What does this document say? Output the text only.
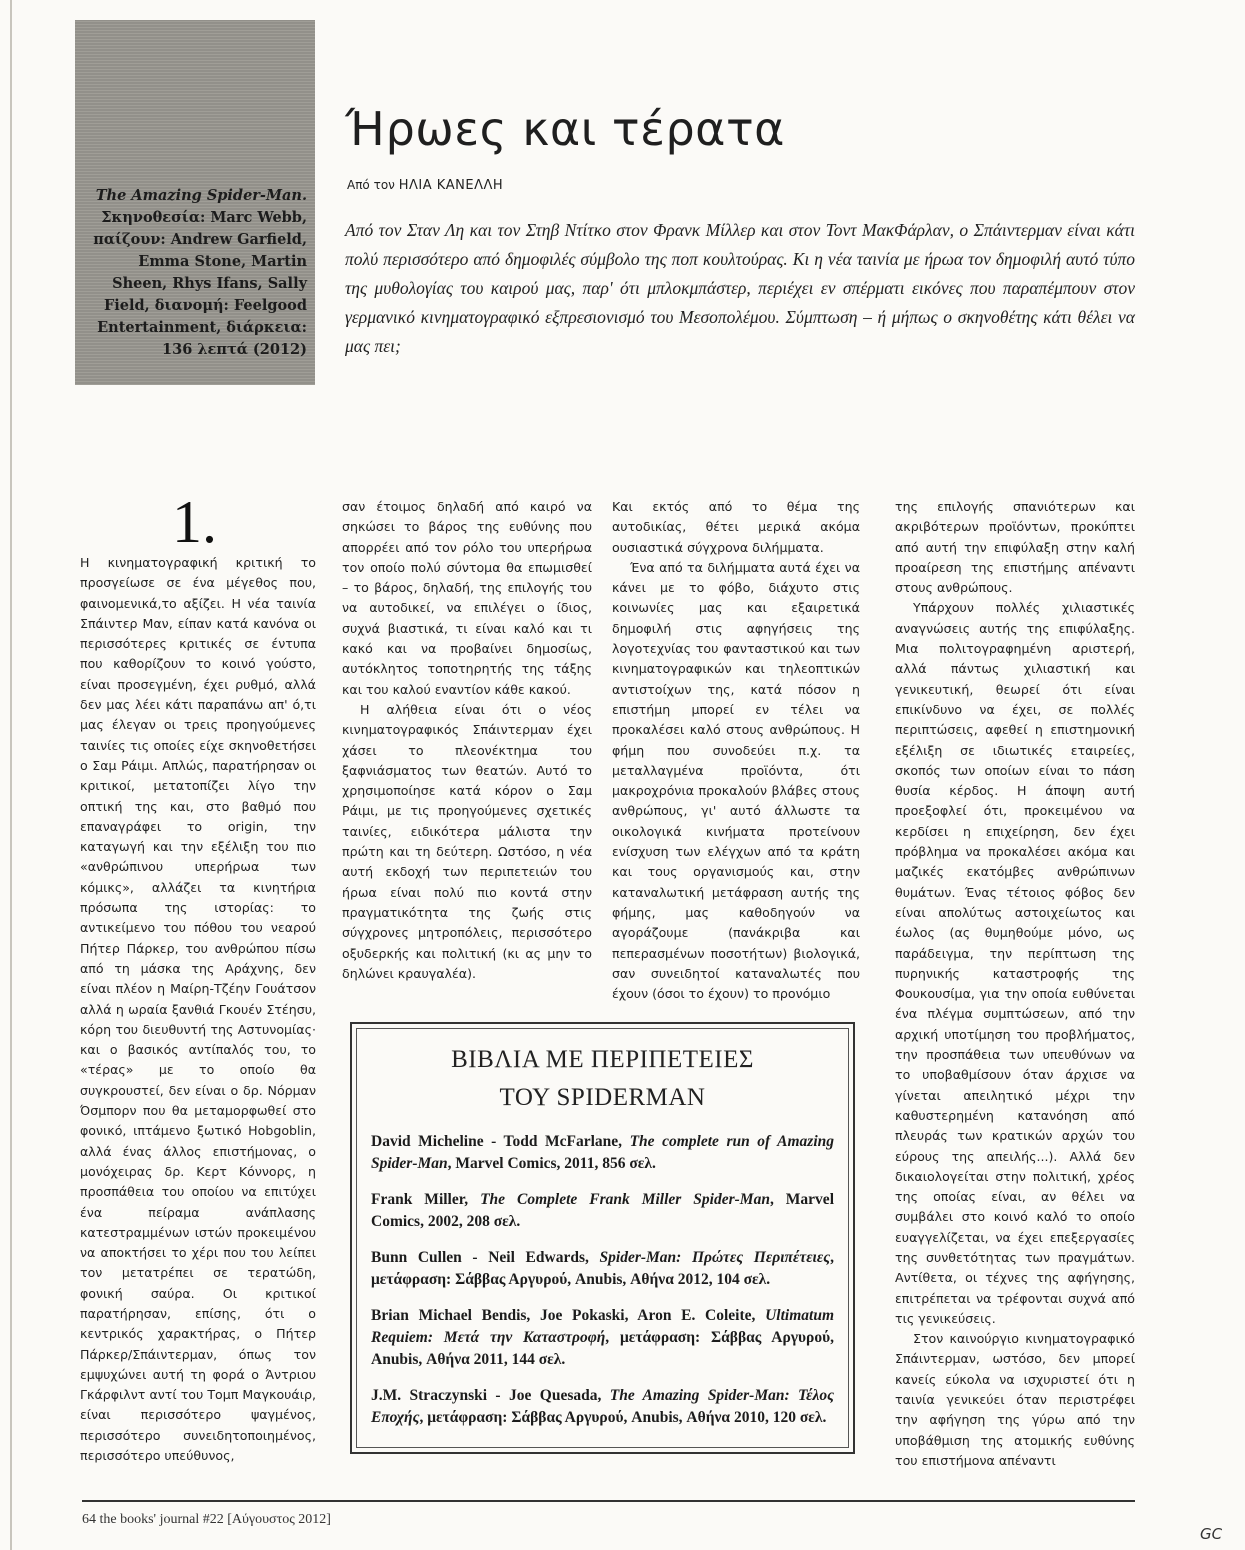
The Amazing Spider-Man. Σκηνοθεσία: Marc Webb, παίζουν: Andrew Garfield, Emma Stone, Martin Sheen, Rhys Ifans, Sally Field, διανομή: Feelgood Entertainment, διάρκεια: 136 λεπτά (2012)
Ήρωες και τέρατα
Από τον ΗΛΙΑ ΚΑΝΕΛΛΗ

Από τον Σταν Λη και τον Στηβ Ντίτκο στον Φρανκ Μίλλερ και στον Τοντ ΜακΦάρλαν, ο Σπάιντερμαν είναι κάτι πολύ περισσότερο από δημοφιλές σύμβολο της ποπ κουλτούρας. Κι η νέα ταινία με ήρωα τον δημοφιλή αυτό τύπο της μυθολογίας του καιρού μας, παρ' ότι μπλοκμπάστερ, περιέχει εν σπέρματι εικόνες που παραπέμπουν στον γερμανικό κινηματογραφικό εξπρεσιονισμό του Μεσοπολέμου. Σύμπτωση – ή μήπως ο σκηνοθέτης κάτι θέλει να μας πει;

1.

Η κινηματογραφική κριτική το προσγείωσε σε ένα μέγεθος που, φαινομενικά,το αξίζει. Η νέα ταινία Σπάιντερ Μαν, είπαν κατά κανόνα οι περισσότερες κριτικές σε έντυπα που καθορίζουν το κοινό γούστο, είναι προσεγμένη, έχει ρυθμό, αλλά δεν μας λέει κάτι παραπάνω απ' ό,τι μας έλεγαν οι τρεις προηγούμενες ταινίες τις οποίες είχε σκηνοθετήσει ο Σαμ Ράιμι. Απλώς, παρατήρησαν οι κριτικοί, μετατοπίζει λίγο την οπτική της και, στο βαθμό που επαναγράφει το origin, την καταγωγή και την εξέλιξη του πιο «ανθρώπινου υπερήρωα των κόμικς», αλλάζει τα κινητήρια πρόσωπα της ιστορίας: το αντικείμενο του πόθου του νεαρού Πήτερ Πάρκερ, του ανθρώπου πίσω από τη μάσκα της Αράχνης, δεν είναι πλέον η Μαίρη-Τζέην Γουάτσον αλλά η ωραία ξανθιά Γκουέν Στέησυ, κόρη του διευθυντή της Αστυνομίας· και ο βασικός αντίπαλός του, το «τέρας» με το οποίο θα συγκρουστεί, δεν είναι ο δρ. Νόρμαν Όσμπορν που θα μεταμορφωθεί στο φονικό, ιπτάμενο ξωτικό Hobgoblin, αλλά ένας άλλος επιστήμονας, ο μονόχειρας δρ. Κερτ Κόννορς, η προσπάθεια του οποίου να επιτύχει ένα πείραμα ανάπλασης κατεστραμμένων ιστών προκειμένου να αποκτήσει το χέρι που του λείπει τον μετατρέπει σε τερατώδη, φονική σαύρα. Οι κριτικοί παρατήρησαν, επίσης, ότι ο κεντρικός χαρακτήρας, ο Πήτερ Πάρκερ/Σπάιντερμαν, όπως τον εμψυχώνει αυτή τη φορά ο Άντριου Γκάρφιλντ αντί του Τομπ Μαγκουάιρ, είναι περισσότερο ψαγμένος, περισσότερο συνειδητοποιημένος, περισσότερο υπεύθυνος,

σαν έτοιμος δηλαδή από καιρό να σηκώσει το βάρος της ευθύνης που απορρέει από τον ρόλο του υπερήρωα τον οποίο πολύ σύντομα θα επωμισθεί – το βάρος, δηλαδή, της επιλογής του να αυτοδικεί, να επιλέγει ο ίδιος, συχνά βιαστικά, τι είναι καλό και τι κακό και να προβαίνει δημοσίως, αυτόκλητος τοποτηρητής της τάξης και του καλού εναντίον κάθε κακού.

Η αλήθεια είναι ότι ο νέος κινηματογραφικός Σπάιντερμαν έχει χάσει το πλεονέκτημα του ξαφνιάσματος των θεατών. Αυτό το χρησιμοποίησε κατά κόρον ο Σαμ Ράιμι, με τις προηγούμενες σχετικές ταινίες, ειδικότερα μάλιστα την πρώτη και τη δεύτερη. Ωστόσο, η νέα αυτή εκδοχή των περιπετειών του ήρωα είναι πολύ πιο κοντά στην πραγματικότητα της ζωής στις σύγχρονες μητροπόλεις, περισσότερο οξυδερκής και πολιτική (κι ας μην το δηλώνει κραυγαλέα).

Και εκτός από το θέμα της αυτοδικίας, θέτει μερικά ακόμα ουσιαστικά σύγχρονα διλήμματα.

Ένα από τα διλήμματα αυτά έχει να κάνει με το φόβο, διάχυτο στις κοινωνίες μας και εξαιρετικά δημοφιλή στις αφηγήσεις της λογοτεχνίας του φανταστικού και των κινηματογραφικών και τηλεοπτικών αντιστοίχων της, κατά πόσον η επιστήμη μπορεί εν τέλει να προκαλέσει καλό στους ανθρώπους. Η φήμη που συνοδεύει π.χ. τα μεταλλαγμένα προϊόντα, ότι μακροχρόνια προκαλούν βλάβες στους ανθρώπους, γι' αυτό άλλωστε τα οικολογικά κινήματα προτείνουν ενίσχυση των ελέγχων από τα κράτη και τους οργανισμούς και, στην καταναλωτική μετάφραση αυτής της φήμης, μας καθοδηγούν να αγοράζουμε (πανάκριβα και πεπερασμένων ποσοτήτων) βιολογικά, σαν συνειδητοί καταναλωτές που έχουν (όσοι το έχουν) το προνόμιο

της επιλογής σπανιότερων και ακριβότερων προϊόντων, προκύπτει από αυτή την επιφύλαξη στην καλή προαίρεση της επιστήμης απέναντι στους ανθρώπους.

Υπάρχουν πολλές χιλιαστικές αναγνώσεις αυτής της επιφύλαξης. Μια πολιτογραφημένη αριστερή, αλλά πάντως χιλιαστική και γενικευτική, θεωρεί ότι είναι επικίνδυνο να έχει, σε πολλές περιπτώσεις, αφεθεί η επιστημονική εξέλιξη σε ιδιωτικές εταιρείες, σκοπός των οποίων είναι το πάση θυσία κέρδος. Η άποψη αυτή προεξοφλεί ότι, προκειμένου να κερδίσει η επιχείρηση, δεν έχει πρόβλημα να προκαλέσει ακόμα και μαζικές εκατόμβες ανθρώπινων θυμάτων. Ένας τέτοιος φόβος δεν είναι απολύτως αστοιχείωτος και έωλος (ας θυμηθούμε μόνο, ως παράδειγμα, την περίπτωση της πυρηνικής καταστροφής της Φουκουσίμα, για την οποία ευθύνεται ένα πλέγμα συμπτώσεων, από την αρχική υποτίμηση του προβλήματος, την προσπάθεια των υπευθύνων να το υποβαθμίσουν όταν άρχισε να γίνεται απειλητικό μέχρι την καθυστερημένη κατανόηση από πλευράς των κρατικών αρχών του εύρους της απειλής...). Αλλά δεν δικαιολογείται στην πολιτική, χρέος της οποίας είναι, αν θέλει να συμβάλει στο κοινό καλό το οποίο ευαγγελίζεται, να έχει επεξεργασίες της συνθετότητας των πραγμάτων. Αντίθετα, οι τέχνες της αφήγησης, επιτρέπεται να τρέφονται συχνά από τις γενικεύσεις.

Στον καινούργιο κινηματογραφικό Σπάιντερμαν, ωστόσο, δεν μπορεί κανείς εύκολα να ισχυριστεί ότι η ταινία γενικεύει όταν περιστρέφει την αφήγηση της γύρω από την υποβάθμιση της ατομικής ευθύνης του επιστήμονα απέναντι

ΒΙΒΛΙΑ ΜΕ ΠΕΡΙΠΕΤΕΙΕΣ
ΤΟΥ SPIDERMAN
David Micheline - Todd McFarlane, The complete run of Amazing Spider-Man, Marvel Comics, 2011, 856 σελ.
Frank Miller, The Complete Frank Miller Spider-Man, Marvel Comics, 2002, 208 σελ.
Bunn Cullen - Neil Edwards, Spider-Man: Πρώτες Περιπέτειες, μετάφραση: Σάββας Αργυρού, Anubis, Αθήνα 2012, 104 σελ.
Brian Michael Bendis, Joe Pokaski, Aron E. Coleite, Ultimatum Requiem: Μετά την Καταστροφή, μετάφραση: Σάββας Αργυρού, Anubis, Αθήνα 2011, 144 σελ.
J.M. Straczynski - Joe Quesada, The Amazing Spider-Man: Τέλος Εποχής, μετάφραση: Σάββας Αργυρού, Anubis, Αθήνα 2010, 120 σελ.
64 the books' journal #22 [Αύγουστος 2012]
GC
